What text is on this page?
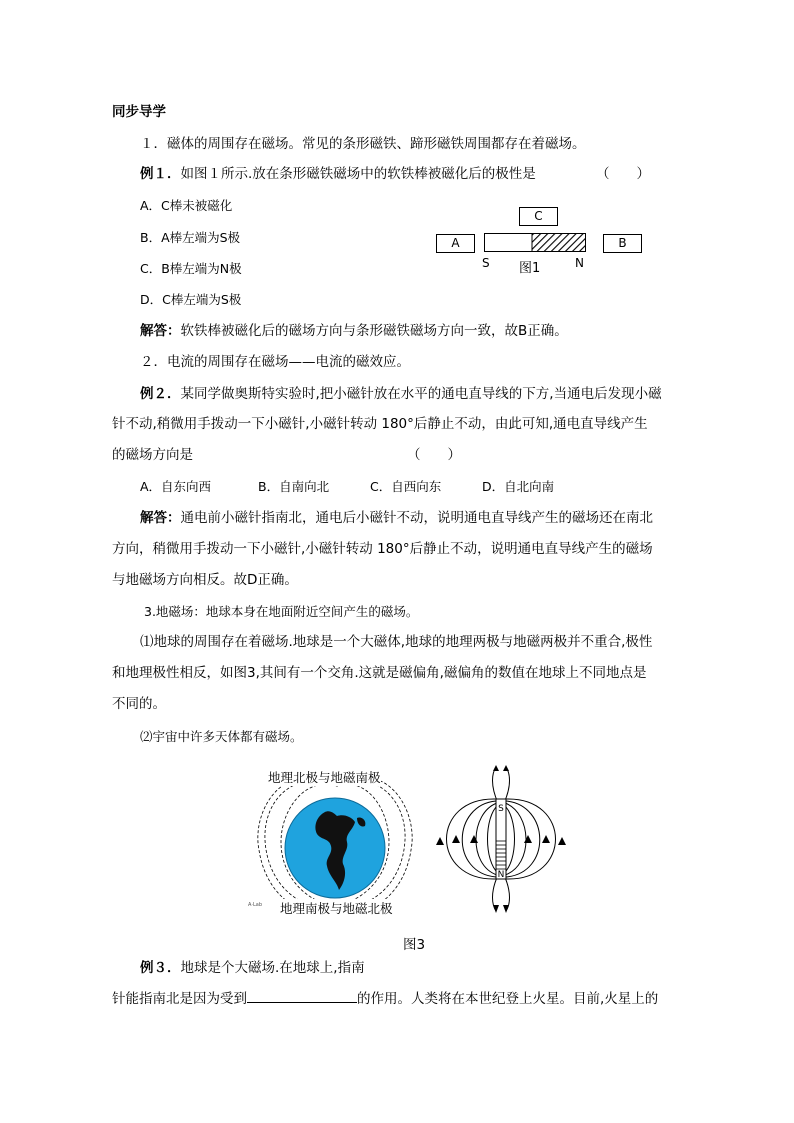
同步导学
１．磁体的周围存在磁场。常见的条形磁铁、蹄形磁铁周围都存在着磁场。
例１．如图１所示.放在条形磁铁磁场中的软铁棒被磁化后的极性是	（　　）
A．C棒未被磁化
B．A棒左端为S极
C．B棒左端为N极
D．C棒左端为S极
C
A	B
S 图1	N
解答：软铁棒被磁化后的磁场方向与条形磁铁磁场方向一致，故B正确。
２．电流的周围存在磁场——电流的磁效应。
例２．某同学做奥斯特实验时,把小磁针放在水平的通电直导线的下方,当通电后发现小磁
针不动,稍微用手拨动一下小磁针,小磁针转动 180°后静止不动，由此可知,通电直导线产生
的磁场方向是	（　　）
A．自东向西	B．自南向北	C．自西向东	D．自北向南
解答：通电前小磁针指南北，通电后小磁针不动，说明通电直导线产生的磁场还在南北
方向，稍微用手拨动一下小磁针,小磁针转动 180°后静止不动，说明通电直导线产生的磁场
与地磁场方向相反。故D正确。
3.地磁场：地球本身在地面附近空间产生的磁场。
⑴地球的周围存在着磁场.地球是一个大磁体,地球的地理两极与地磁两极并不重合,极性
和地理极性相反，如图3,其间有一个交角.这就是磁偏角,磁偏角的数值在地球上不同地点是
不同的。
⑵宇宙中许多天体都有磁场。
地理北极与地磁南极
A·Lab 地理南极与地磁北极
S
N
图3
例３．地球是个大磁场.在地球上,指南
针能指南北是因为受到	的作用。人类将在本世纪登上火星。目前,火星上的
